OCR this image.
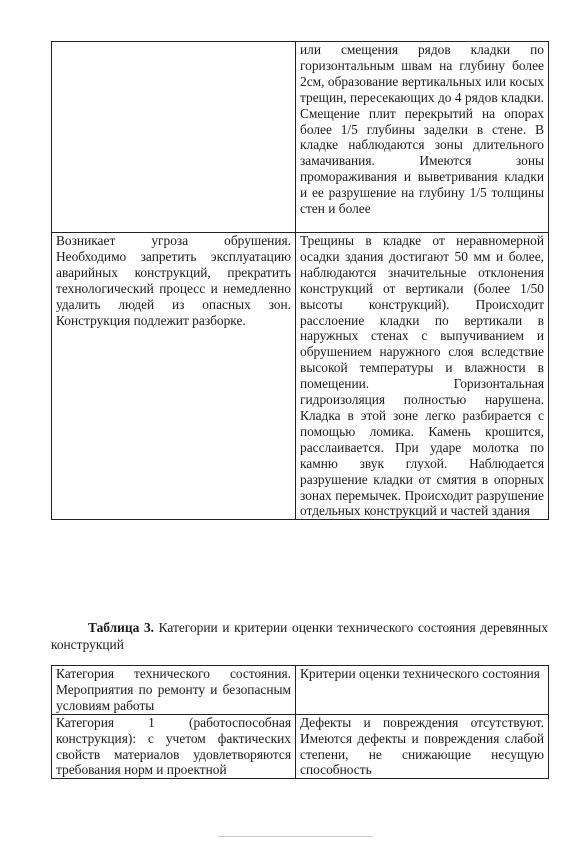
	или смещения рядов кладки по горизонтальным швам на глубину более 2см, образование вертикальных или косых трещин, пересекающих до 4 рядов кладки. Смещение плит перекрытий на опорах более 1/5 глубины заделки в стене. В кладке наблюдаются зоны длительного замачивания. Имеются зоны промораживания и выветривания кладки и ее разрушение на глубину 1/5 толщины стен и более
Возникает угроза обрушения. Необходимо запретить эксплуатацию аварийных конструкций, прекратить технологический процесс и немедленно удалить людей из опасных зон. Конструкция подлежит разборке.	Трещины в кладке от неравномерной осадки здания достигают 50 мм и более, наблюдаются значительные отклонения конструкций от вертикали (более 1/50 высоты конструкций). Происходит расслоение кладки по вертикали в наружных стенах с выпучиванием и обрушением наружного слоя вследствие высокой температуры и влажности в помещении. Горизонтальная гидроизоляция полностью нарушена. Кладка в этой зоне легко разбирается с помощью ломика. Камень крошится, расслаивается. При ударе молотка по камню звук глухой. Наблюдается разрушение кладки от смятия в опорных зонах перемычек. Происходит разрушение отдельных конструкций и частей здания
Таблица 3. Категории и критерии оценки технического состояния деревянных конструкций
Категория технического состояния. Мероприятия по ремонту и безопасным условиям работы	Критерии оценки технического состояния
Категория 1 (работоспособная конструкция): с учетом фактических свойств материалов удовлетворяются требования норм и проектной	Дефекты и повреждения отсутствуют. Имеются дефекты и повреждения слабой степени, не снижающие несущую способность
